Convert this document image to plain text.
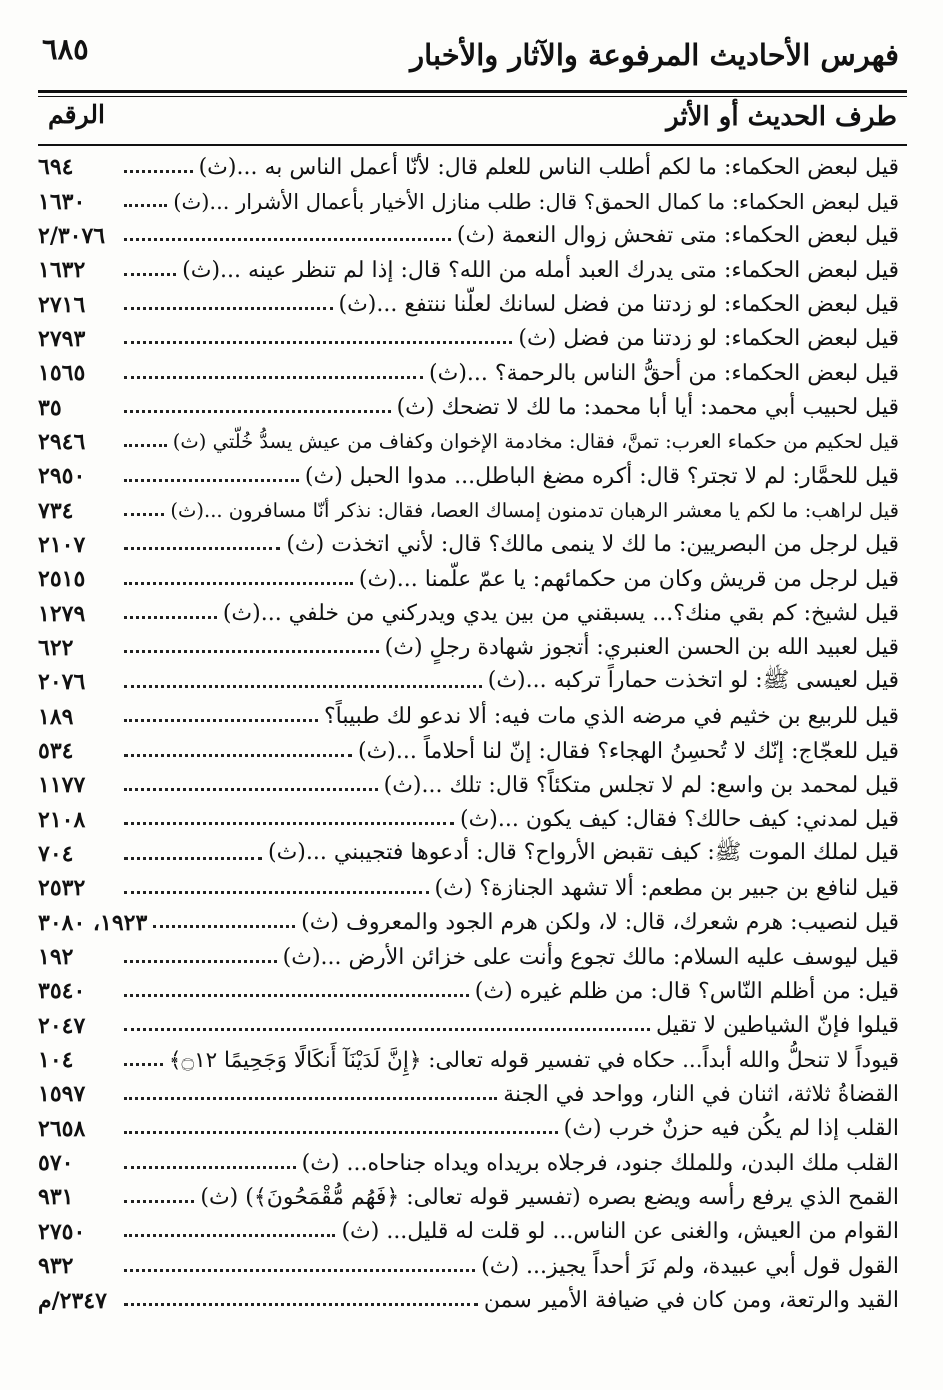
فهرس الأحاديث المرفوعة والآثار والأخبار
٦٨٥
الرقم	طرف الحديث أو الأثر
قيل لبعض الحكماء: ما لكم أطلب الناس للعلم قال: لأنّا أعمل الناس به ...(ث)
٦٩٤
قيل لبعض الحكماء: ما كمال الحمق؟ قال: طلب منازل الأخيار بأعمال الأشرار ...(ث)
١٦٣٠
قيل لبعض الحكماء: متى تفحش زوال النعمة (ث)
٢/٣٠٧٦
قيل لبعض الحكماء: متى يدرك العبد أمله من الله؟ قال: إذا لم تنظر عينه ...(ث)
١٦٣٢
قيل لبعض الحكماء: لو زدتنا من فضل لسانك لعلّنا ننتفع ...(ث)
٢٧١٦
قيل لبعض الحكماء: لو زدتنا من فضل (ث)
٢٧٩٣
قيل لبعض الحكماء: من أحقُّ الناس بالرحمة؟ ...(ث)
١٥٦٥
قيل لحبيب أبي محمد: أيا أبا محمد: ما لك لا تضحك (ث)
٣٥
قيل لحكيم من حكماء العرب: تمنَّ، فقال: مخادمة الإخوان وكفاف من عيش يسدُّ خُلّتي (ث)
٢٩٤٦
قيل للحمَّار: لم لا تجتر؟ قال: أكره مضغ الباطل... مدوا الحبل (ث)
٢٩٥٠
قيل لراهب: ما لكم يا معشر الرهبان تدمنون إمساك العصا، فقال: نذكر أنّا مسافرون ...(ث)
٧٣٤
قيل لرجل من البصريين: ما لك لا ينمى مالك؟ قال: لأني اتخذت (ث)
٢١٠٧
قيل لرجل من قريش وكان من حكمائهم: يا عمّ علّمنا ...(ث)
٢٥١٥
قيل لشيخ: كم بقي منك؟... يسبقني من بين يدي ويدركني من خلفي ...(ث)
١٢٧٩
قيل لعبيد الله بن الحسن العنبري: أتجوز شهادة رجلٍ (ث)
٦٢٢
قيل لعيسى ﷺ: لو اتخذت حماراً تركبه ...(ث)
٢٠٧٦
قيل للربيع بن خثيم في مرضه الذي مات فيه: ألا ندعو لك طبيباً؟
١٨٩
قيل للعجّاج: إنّك لا تُحسِنُ الهجاء؟ فقال: إنّ لنا أحلاماً ...(ث)
٥٣٤
قيل لمحمد بن واسع: لم لا تجلس متكئاً؟ قال: تلك ...(ث)
١١٧٧
قيل لمدني: كيف حالك؟ فقال: كيف يكون ...(ث)
٢١٠٨
قيل لملك الموت ﷺ: كيف تقبض الأرواح؟ قال: أدعوها فتجيبني ...(ث)
٧٠٤
قيل لنافع بن جبير بن مطعم: ألا تشهد الجنازة؟ (ث)
٢٥٣٢
قيل لنصيب: هرم شعرك، قال: لا، ولكن هرم الجود والمعروف (ث)
١٩٢٣، ٣٠٨٠
قيل ليوسف عليه السلام: مالك تجوع وأنت على خزائن الأرض ...(ث)
١٩٢
قيل: من أظلم النّاس؟ قال: من ظلم غيره (ث)
٣٥٤٠
قيلوا فإنّ الشياطين لا تقيل
٢٠٤٧
قيوداً لا تنحلُّ والله أبداً... حكاه في تفسير قوله تعالى: ﴿إِنَّ لَدَيْنَآ أَنكَالًا وَجَحِيمًا ۝١٢﴾
١٠٤
القضاةُ ثلاثة، اثنان في النار، وواحد في الجنة
١٥٩٧
القلب إذا لم يكُن فيه حزنٌ خرب (ث)
٢٦٥٨
القلب ملك البدن، وللملك جنود، فرجلاه بريداه ويداه جناحاه... (ث)
٥٧٠
القمح الذي يرفع رأسه ويضع بصره (تفسير قوله تعالى: ﴿فَهُم مُّقْمَحُونَ﴾) (ث)
٩٣١
القوام من العيش، والغنى عن الناس... لو قلت له قليل... (ث)
٢٧٥٠
القول قول أبي عبيدة، ولم نَرَ أحداً يجيز... (ث)
٩٣٢
القيد والرتعة، ومن كان في ضيافة الأمير سمن
٢٣٤٧/م
